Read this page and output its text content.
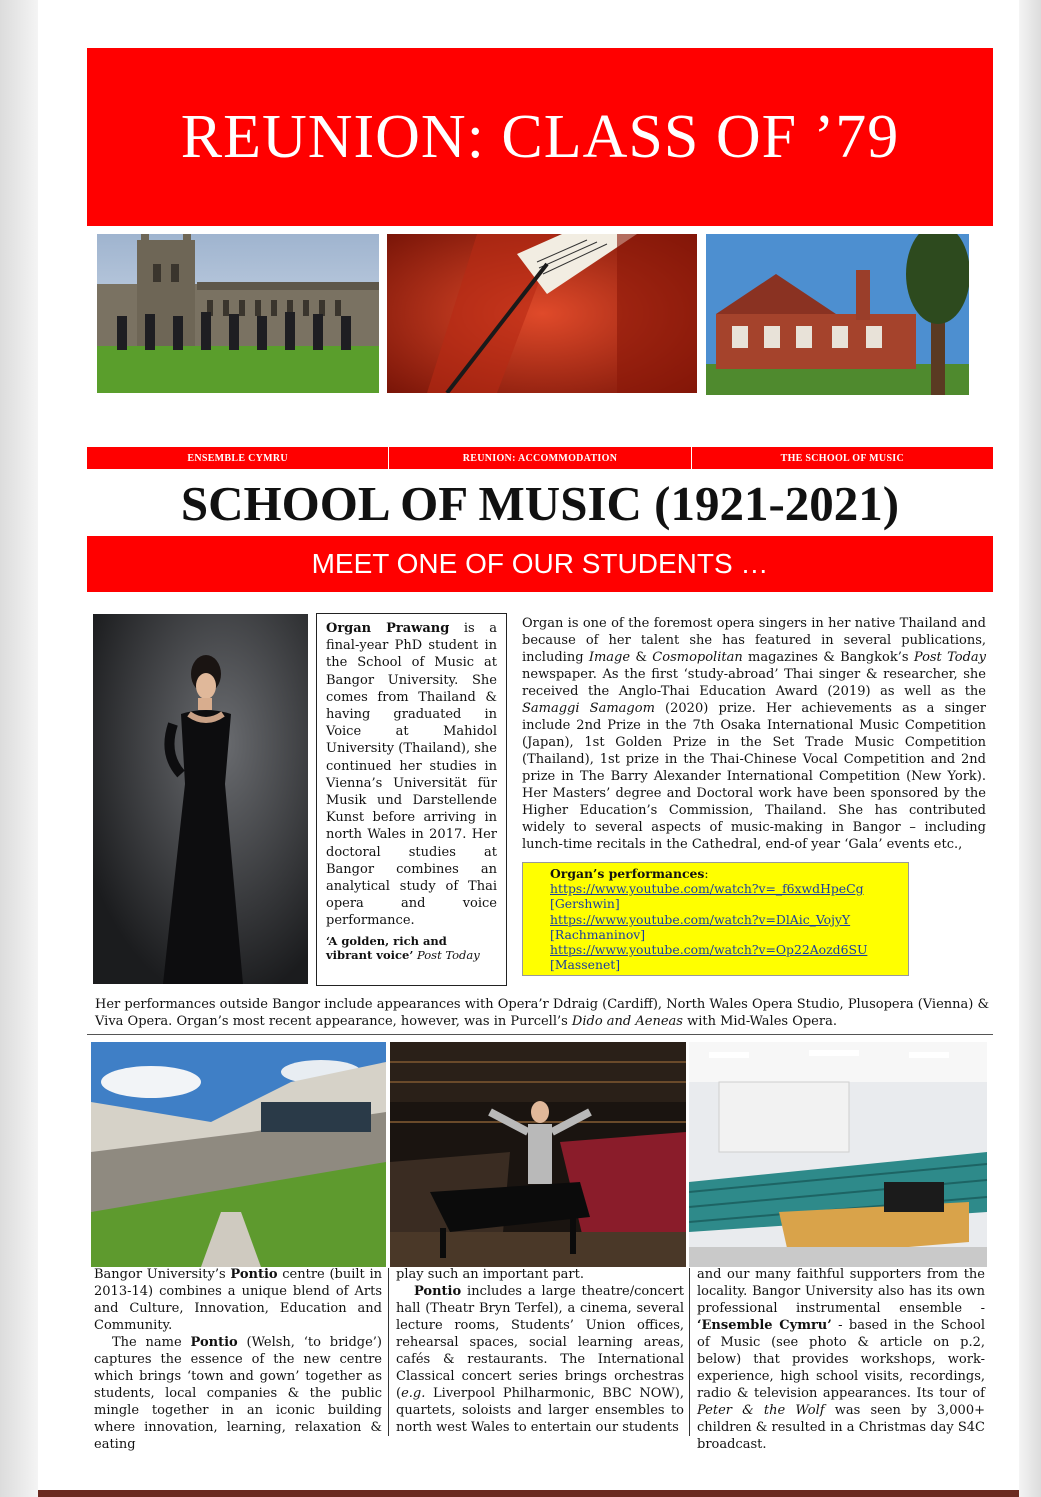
REUNION: CLASS OF ’79
ENSEMBLE CYMRU	REUNION: ACCOMMODATION	THE SCHOOL OF MUSIC
SCHOOL OF MUSIC (1921-2021)
MEET ONE OF OUR STUDENTS …
Organ Prawang is a final-year PhD student in the School of Music at Bangor University. She comes from Thailand & having graduated in Voice at Mahidol University (Thailand), she continued her studies in Vienna’s Universität für Musik und Darstellende Kunst before arriving in north Wales in 2017. Her doctoral studies at Bangor combines an analytical study of Thai opera and voice performance.
‘A golden, rich and vibrant voice’ Post Today
Organ is one of the foremost opera singers in her native Thailand and because of her talent she has featured in several publications, including Image & Cosmopolitan magazines & Bangkok’s Post Today newspaper. As the first ‘study-abroad’ Thai singer & researcher, she received the Anglo-Thai Education Award (2019) as well as the Samaggi Samagom (2020) prize. Her achievements as a singer include 2nd Prize in the 7th Osaka International Music Competition (Japan), 1st Golden Prize in the Set Trade Music Competition (Thailand), 1st prize in the Thai-Chinese Vocal Competition and 2nd prize in The Barry Alexander International Competition (New York). Her Masters’ degree and Doctoral work have been sponsored by the Higher Education’s Commission, Thailand. She has contributed widely to several aspects of music-making in Bangor – including lunch-time recitals in the Cathedral, end-of year ‘Gala’ events etc.,
Organ’s performances:
https://www.youtube.com/watch?v=_f6xwdHpeCg
[Gershwin]
https://www.youtube.com/watch?v=DlAic_VojyY
[Rachmaninov]
https://www.youtube.com/watch?v=Op22Aozd6SU
[Massenet]
Her performances outside Bangor include appearances with Opera’r Ddraig (Cardiff), North Wales Opera Studio, Plusopera (Vienna) & Viva Opera. Organ’s most recent appearance, however, was in Purcell’s Dido and Aeneas with Mid-Wales Opera.
Bangor University’s Pontio centre (built in 2013-14) combines a unique blend of Arts and Culture, Innovation, Education and Community.
The name Pontio (Welsh, ‘to bridge’) captures the essence of the new centre which brings ‘town and gown’ together as students, local companies & the public mingle together in an iconic building where innovation, learning, relaxation & eating
play such an important part.
Pontio includes a large theatre/concert hall (Theatr Bryn Terfel), a cinema, several lecture rooms, Students’ Union offices, rehearsal spaces, social learning areas, cafés & restaurants. The International Classical concert series brings orchestras (e.g. Liverpool Philharmonic, BBC NOW), quartets, soloists and larger ensembles to north west Wales to entertain our students
and our many faithful supporters from the locality. Bangor University also has its own professional instrumental ensemble - ‘Ensemble Cymru’ - based in the School of Music (see photo & article on p.2, below) that provides workshops, work-experience, high school visits, recordings, radio & television appearances. Its tour of Peter & the Wolf was seen by 3,000+ children & resulted in a Christmas day S4C broadcast.
